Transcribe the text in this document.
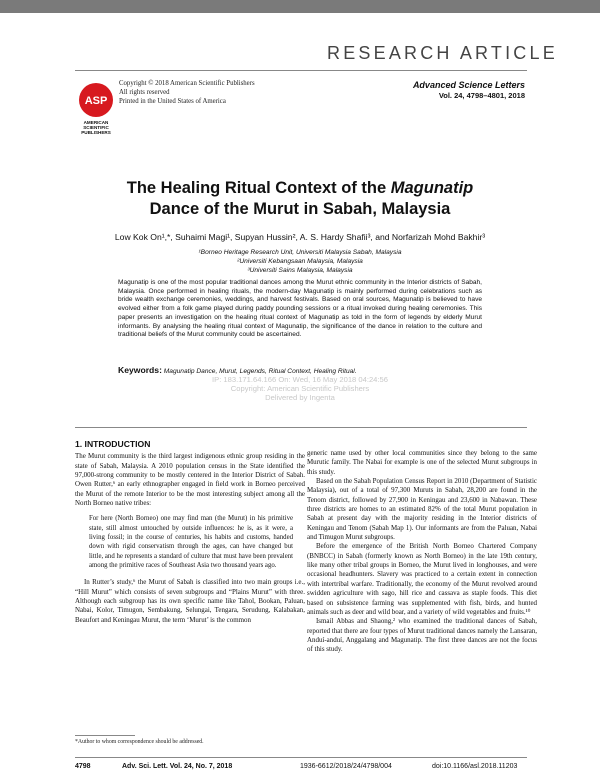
RESEARCH ARTICLE
ASP
AMERICAN
SCIENTIFIC
PUBLISHERS
Copyright © 2018 American Scientific Publishers
All rights reserved
Printed in the United States of America
Advanced Science Letters
Vol. 24, 4798–4801, 2018
The Healing Ritual Context of the Magunatip
Dance of the Murut in Sabah, Malaysia
Low Kok On¹,*, Suhaimi Magi¹, Supyan Hussin², A. S. Hardy Shafii³, and Norfarizah Mohd Bakhir³
¹Borneo Heritage Research Unit, Universiti Malaysia Sabah, Malaysia
²Universiti Kebangsaan Malaysia, Malaysia
³Universiti Sains Malaysia, Malaysia
Magunatip is one of the most popular traditional dances among the Murut ethnic community in the Interior districts of Sabah, Malaysia. Once performed in healing rituals, the modern-day Magunatip is mainly performed during celebrations such as bride wealth exchange ceremonies, weddings, and harvest festivals. Based on oral sources, Magunatip is believed to have evolved either from a folk game played during paddy pounding sessions or a ritual invoked during healing ceremonies. This paper presents an investigation on the healing ritual context of Magunatip as told in the form of legends by elderly Murut informants. By analysing the healing ritual context of Magunatip, the significance of the dance in relation to the culture and traditional beliefs of the Murut community could be ascertained.
Keywords: Magunatip Dance, Murut, Legends, Ritual Context, Healing Ritual.
IP: 183.171.64.166 On: Wed, 16 May 2018 04:24:56
Copyright: American Scientific Publishers
Delivered by Ingenta
1. INTRODUCTION

The Murut community is the third largest indigenous ethnic group residing in the state of Sabah, Malaysia. A 2010 population census in the State identified the 97,000-strong community to be mostly centered in the Interior District of Sabah. Owen Rutter,⁶ an early ethnographer engaged in field work in Borneo perceived the Murut of the remote Interior to be the most interesting subject among all the North Borneo native tribes:

For here (North Borneo) one may find man (the Murut) in his primitive state, still almost untouched by outside influences: he is, as it were, a living fossil; in the course of centuries, his habits and customs, handed down with rigid conservatism through the ages, can have changed but little, and he represents a standard of culture that must have been prevalent among the primitive races of Southeast Asia two thousand years ago.

In Rutter’s study,⁶ the Murut of Sabah is classified into two main groups i.e., “Hill Murut” which consists of seven subgroups and “Plains Murut” with three. Although each subgroup has its own specific name like Tahol, Bookan, Paluan, Nabai, Kolor, Timugon, Sembakung, Selungai, Tengara, Serudung, Kalabakan, Beaufort and Keningau Murut, the term ‘Murut’ is the common

generic name used by other local communities since they belong to the same Murutic family. The Nabai for example is one of the selected Murut subgroups in this study.

Based on the Sabah Population Census Report in 2010 (Department of Statistic Malaysia), out of a total of 97,300 Muruts in Sabah, 28,200 are found in the Tenom district, followed by 27,900 in Keningau and 23,600 in Nabawan. These three districts are homes to an estimated 82% of the total Murut population in Sabah at present day with the majority residing in the Interior districts of Keningau and Tenom (Sabah Map 1). Our informants are from the Paluan, Nabai and Timugon Murut subgroups.

Before the emergence of the British North Borneo Chartered Company (BNBCC) in Sabah (formerly known as North Borneo) in the late 19th century, like many other tribal groups in Borneo, the Murut lived in longhouses, and were occasional headhunters. Slavery was practiced to a certain extent in connection with intertribal warfare. Traditionally, the economy of the Murut revolved around swidden agriculture with sago, hill rice and cassava as staple foods. This diet based on subsistence farming was supplemented with fish, birds, and hunted animals such as deer and wild boar, and a variety of wild vegetables and fruits.¹⁰

Ismail Abbas and Shaong,² who examined the traditional dances of Sabah, reported that there are four types of Murut traditional dances namely the Lansaran, Anduí-anduí, Anggalang and Magunatip. The first three dances are not the focus of this study.

*Author to whom correspondence should be addressed.
4798	Adv. Sci. Lett. Vol. 24, No. 7, 2018	1936-6612/2018/24/4798/004	doi:10.1166/asl.2018.11203
